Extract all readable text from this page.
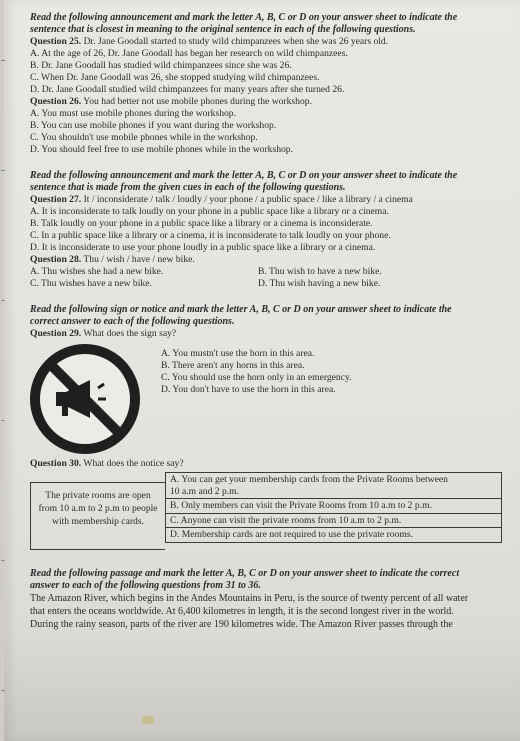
Read the following announcement and mark the letter A, B, C or D on your answer sheet to indicate the
sentence that is closest in meaning to the original sentence in each of the following questions.
Question 25. Dr. Jane Goodall started to study wild chimpanzees when she was 26 years old.
A. At the age of 26, Dr. Jane Goodall has began her research on wild chimpanzees.
B. Dr. Jane Goodall has studied wild chimpanzees since she was 26.
C. When Dr. Jane Goodall was 26, she stopped studying wild chimpanzees.
D. Dr. Jane Goodall studied wild chimpanzees for many years after she turned 26.
Question 26. You had better not use mobile phones during the workshop.
A. You must use mobile phones during the workshop.
B. You can use mobile phones if you want during the workshop.
C. You shouldn't use mobile phones while in the workshop.
D. You should feel free to use mobile phones while in the workshop.
Read the following announcement and mark the letter A, B, C or D on your answer sheet to indicate the
sentence that is made from the given cues in each of the following questions.
Question 27. It / inconsiderate / talk / loudly / your phone / a public space / like a library / a cinema
A. It is inconsiderate to talk loudly on your phone in a public space like a library or a cinema.
B. Talk loudly on your phone in a public space like a library or a cinema is inconsiderate.
C. In a public space like a library or a cinema, it is inconsiderate to talk loudly on your phone.
D. It is inconsiderate to use your phone loudly in a public space like a library or a cinema.
Question 28. Thu / wish / have / new bike.
A. Thu wishes she had a new bike.	B. Thu wish to have a new bike.
C. Thu wishes have a new bike.	D. Thu wish having a new bike.
Read the following sign or notice and mark the letter A, B, C or D on your answer sheet to indicate the
correct answer to each of the following questions.
Question 29. What does the sign say?
A. You mustn't use the horn in this area.
B. There aren't any horns in this area.
C. You should use the horn only in an emergency.
D. You don't have to use the horn in this area.
Question 30. What does the notice say?
The private rooms are open
from 10 a.m to 2 p.m to people
with membership cards.
A. You can get your membership cards from the Private Rooms between
10 a.m and 2 p.m.
B. Only members can visit the Private Rooms from 10 a.m to 2 p.m.
C. Anyone can visit the private rooms from 10 a.m to 2 p.m.
D. Membership cards are not required to use the private rooms.
Read the following passage and mark the letter A, B, C or D on your answer sheet to indicate the correct
answer to each of the following questions from 31 to 36.
The Amazon River, which begins in the Andes Mountains in Peru, is the source of twenty percent of all water
that enters the oceans worldwide. At 6,400 kilometres in length, it is the second longest river in the world.
During the rainy season, parts of the river are 190 kilometres wide. The Amazon River passes through the
